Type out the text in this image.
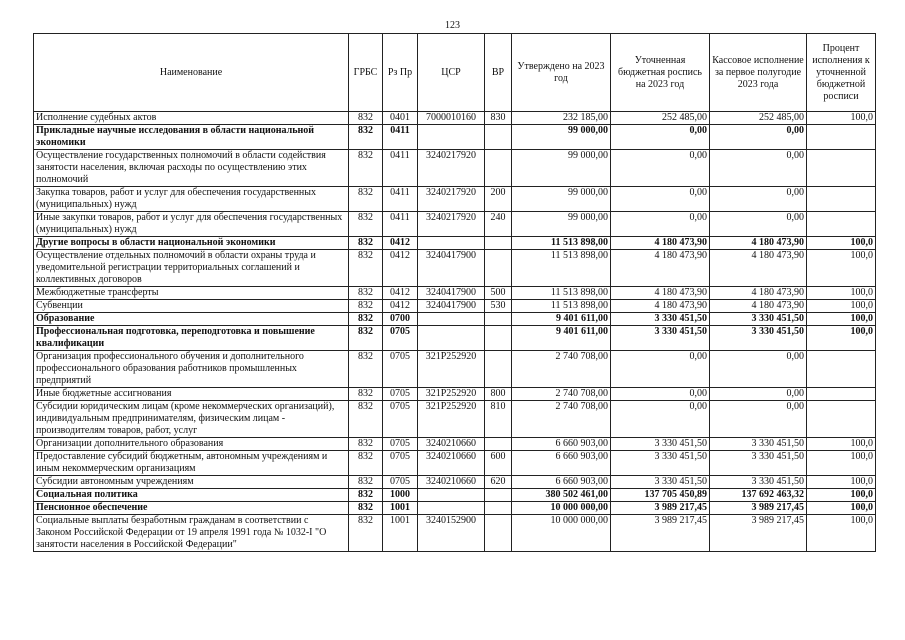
123
Наименование	ГРБС	Рз Пр	ЦСР	ВР	Утверждено на 2023 год	Уточненная бюджетная роспись на 2023 год	Кассовое исполнение за первое полугодие 2023 года	Процент исполнения к уточненной бюджетной росписи
Исполнение судебных актов	832	0401	7000010160	830	232 185,00	252 485,00	252 485,00	100,0
Прикладные научные исследования в области национальной экономики	832	0411			99 000,00	0,00	0,00	
Осуществление государственных полномочий в области содействия занятости населения, включая расходы по осуществлению этих полномочий	832	0411	3240217920		99 000,00	0,00	0,00	
Закупка товаров, работ и услуг для обеспечения государственных (муниципальных) нужд	832	0411	3240217920	200	99 000,00	0,00	0,00	
Иные закупки товаров, работ и услуг для обеспечения государственных (муниципальных) нужд	832	0411	3240217920	240	99 000,00	0,00	0,00	
Другие вопросы в области национальной экономики	832	0412			11 513 898,00	4 180 473,90	4 180 473,90	100,0
Осуществление отдельных полномочий в области охраны труда и уведомительной регистрации территориальных соглашений и коллективных договоров	832	0412	3240417900		11 513 898,00	4 180 473,90	4 180 473,90	100,0
Межбюджетные трансферты	832	0412	3240417900	500	11 513 898,00	4 180 473,90	4 180 473,90	100,0
Субвенции	832	0412	3240417900	530	11 513 898,00	4 180 473,90	4 180 473,90	100,0
Образование	832	0700			9 401 611,00	3 330 451,50	3 330 451,50	100,0
Профессиональная подготовка, переподготовка и повышение квалификации	832	0705			9 401 611,00	3 330 451,50	3 330 451,50	100,0
Организация профессионального обучения и дополнительного профессионального образования работников промышленных предприятий	832	0705	321P252920		2 740 708,00	0,00	0,00	
Иные бюджетные ассигнования	832	0705	321P252920	800	2 740 708,00	0,00	0,00	
Субсидии юридическим лицам (кроме некоммерческих организаций), индивидуальным предпринимателям, физическим лицам - производителям товаров, работ, услуг	832	0705	321P252920	810	2 740 708,00	0,00	0,00	
Организации дополнительного образования	832	0705	3240210660		6 660 903,00	3 330 451,50	3 330 451,50	100,0
Предоставление субсидий бюджетным, автономным учреждениям и иным некоммерческим организациям	832	0705	3240210660	600	6 660 903,00	3 330 451,50	3 330 451,50	100,0
Субсидии автономным учреждениям	832	0705	3240210660	620	6 660 903,00	3 330 451,50	3 330 451,50	100,0
Социальная политика	832	1000			380 502 461,00	137 705 450,89	137 692 463,32	100,0
Пенсионное обеспечение	832	1001			10 000 000,00	3 989 217,45	3 989 217,45	100,0
Социальные выплаты безработным гражданам в соответствии с Законом Российской Федерации от 19 апреля 1991 года № 1032-I "О занятости населения в Российской Федерации"	832	1001	3240152900		10 000 000,00	3 989 217,45	3 989 217,45	100,0
